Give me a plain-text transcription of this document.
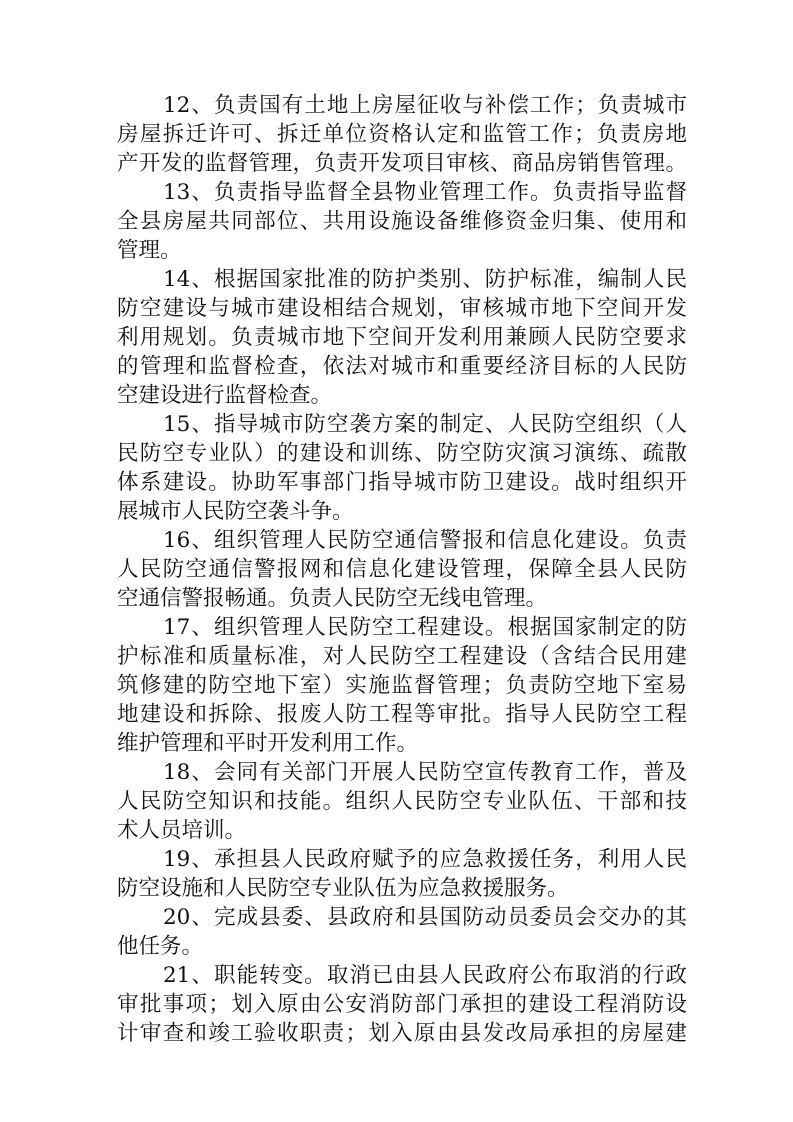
12、负责国有土地上房屋征收与补偿工作；负责城市
房屋拆迁许可、拆迁单位资格认定和监管工作；负责房地
产开发的监督管理，负责开发项目审核、商品房销售管理。
13、负责指导监督全县物业管理工作。负责指导监督
全县房屋共同部位、共用设施设备维修资金归集、使用和
管理。
14、根据国家批准的防护类别、防护标准，编制人民
防空建设与城市建设相结合规划，审核城市地下空间开发
利用规划。负责城市地下空间开发利用兼顾人民防空要求
的管理和监督检查，依法对城市和重要经济目标的人民防
空建设进行监督检查。
15、指导城市防空袭方案的制定、人民防空组织（人
民防空专业队）的建设和训练、防空防灾演习演练、疏散
体系建设。协助军事部门指导城市防卫建设。战时组织开
展城市人民防空袭斗争。
16、组织管理人民防空通信警报和信息化建设。负责
人民防空通信警报网和信息化建设管理，保障全县人民防
空通信警报畅通。负责人民防空无线电管理。
17、组织管理人民防空工程建设。根据国家制定的防
护标准和质量标准，对人民防空工程建设（含结合民用建
筑修建的防空地下室）实施监督管理；负责防空地下室易
地建设和拆除、报废人防工程等审批。指导人民防空工程
维护管理和平时开发利用工作。
18、会同有关部门开展人民防空宣传教育工作，普及
人民防空知识和技能。组织人民防空专业队伍、干部和技
术人员培训。
19、承担县人民政府赋予的应急救援任务，利用人民
防空设施和人民防空专业队伍为应急救援服务。
20、完成县委、县政府和县国防动员委员会交办的其
他任务。
21、职能转变。取消已由县人民政府公布取消的行政
审批事项；划入原由公安消防部门承担的建设工程消防设
计审查和竣工验收职责；划入原由县发改局承担的房屋建
